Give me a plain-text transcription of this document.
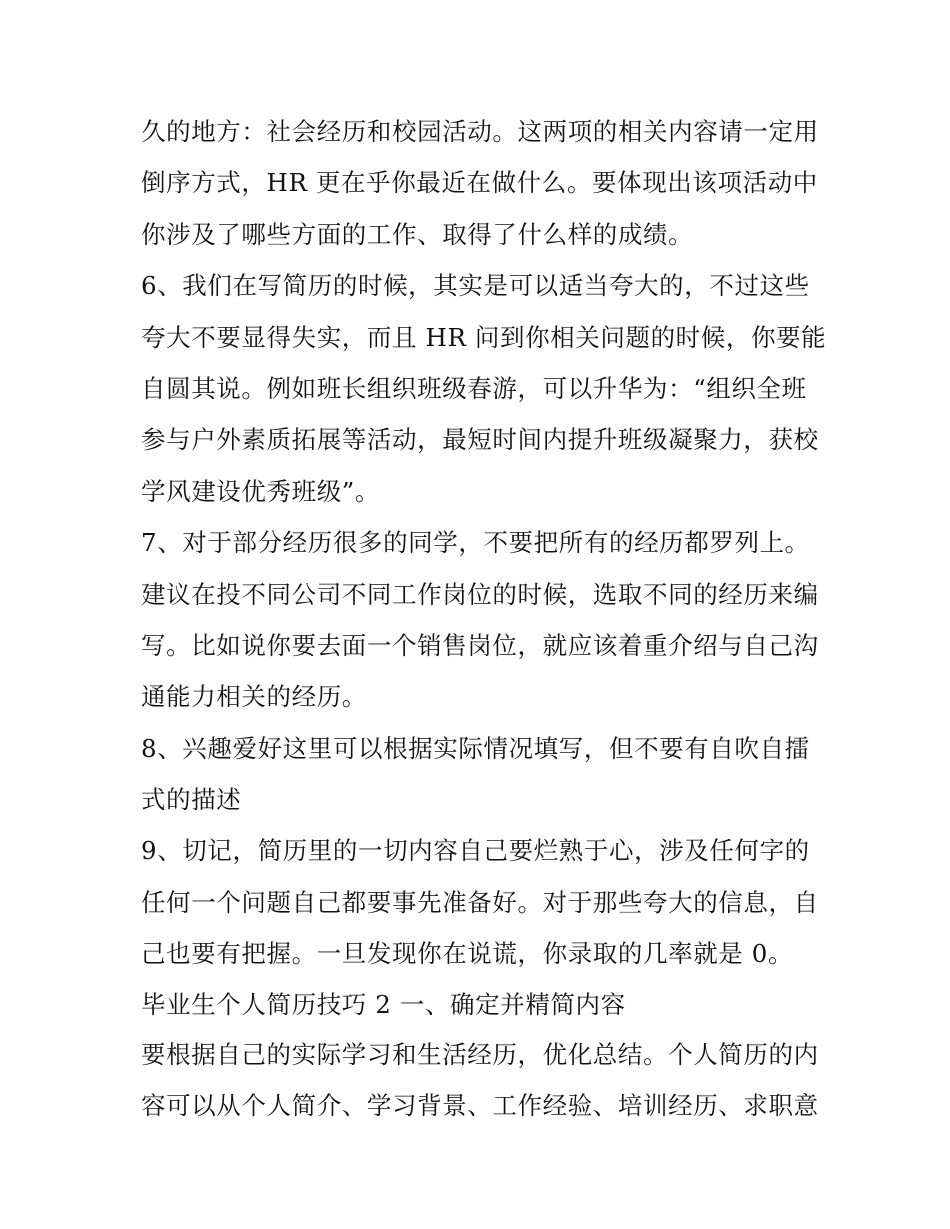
久的地方：社会经历和校园活动。这两项的相关内容请一定用
倒序方式，HR 更在乎你最近在做什么。要体现出该项活动中
你涉及了哪些方面的工作、取得了什么样的成绩。
6、我们在写简历的时候，其实是可以适当夸大的，不过这些
夸大不要显得失实，而且 HR 问到你相关问题的时候，你要能
自圆其说。例如班长组织班级春游，可以升华为：“组织全班
参与户外素质拓展等活动，最短时间内提升班级凝聚力，获校
学风建设优秀班级”。
7、对于部分经历很多的同学，不要把所有的经历都罗列上。
建议在投不同公司不同工作岗位的时候，选取不同的经历来编
写。比如说你要去面一个销售岗位，就应该着重介绍与自己沟
通能力相关的经历。
8、兴趣爱好这里可以根据实际情况填写，但不要有自吹自擂
式的描述
9、切记，简历里的一切内容自己要烂熟于心，涉及任何字的
任何一个问题自己都要事先准备好。对于那些夸大的信息，自
己也要有把握。一旦发现你在说谎，你录取的几率就是 0。
毕业生个人简历技巧 2 一、确定并精简内容
要根据自己的实际学习和生活经历，优化总结。个人简历的内
容可以从个人简介、学习背景、工作经验、培训经历、求职意
